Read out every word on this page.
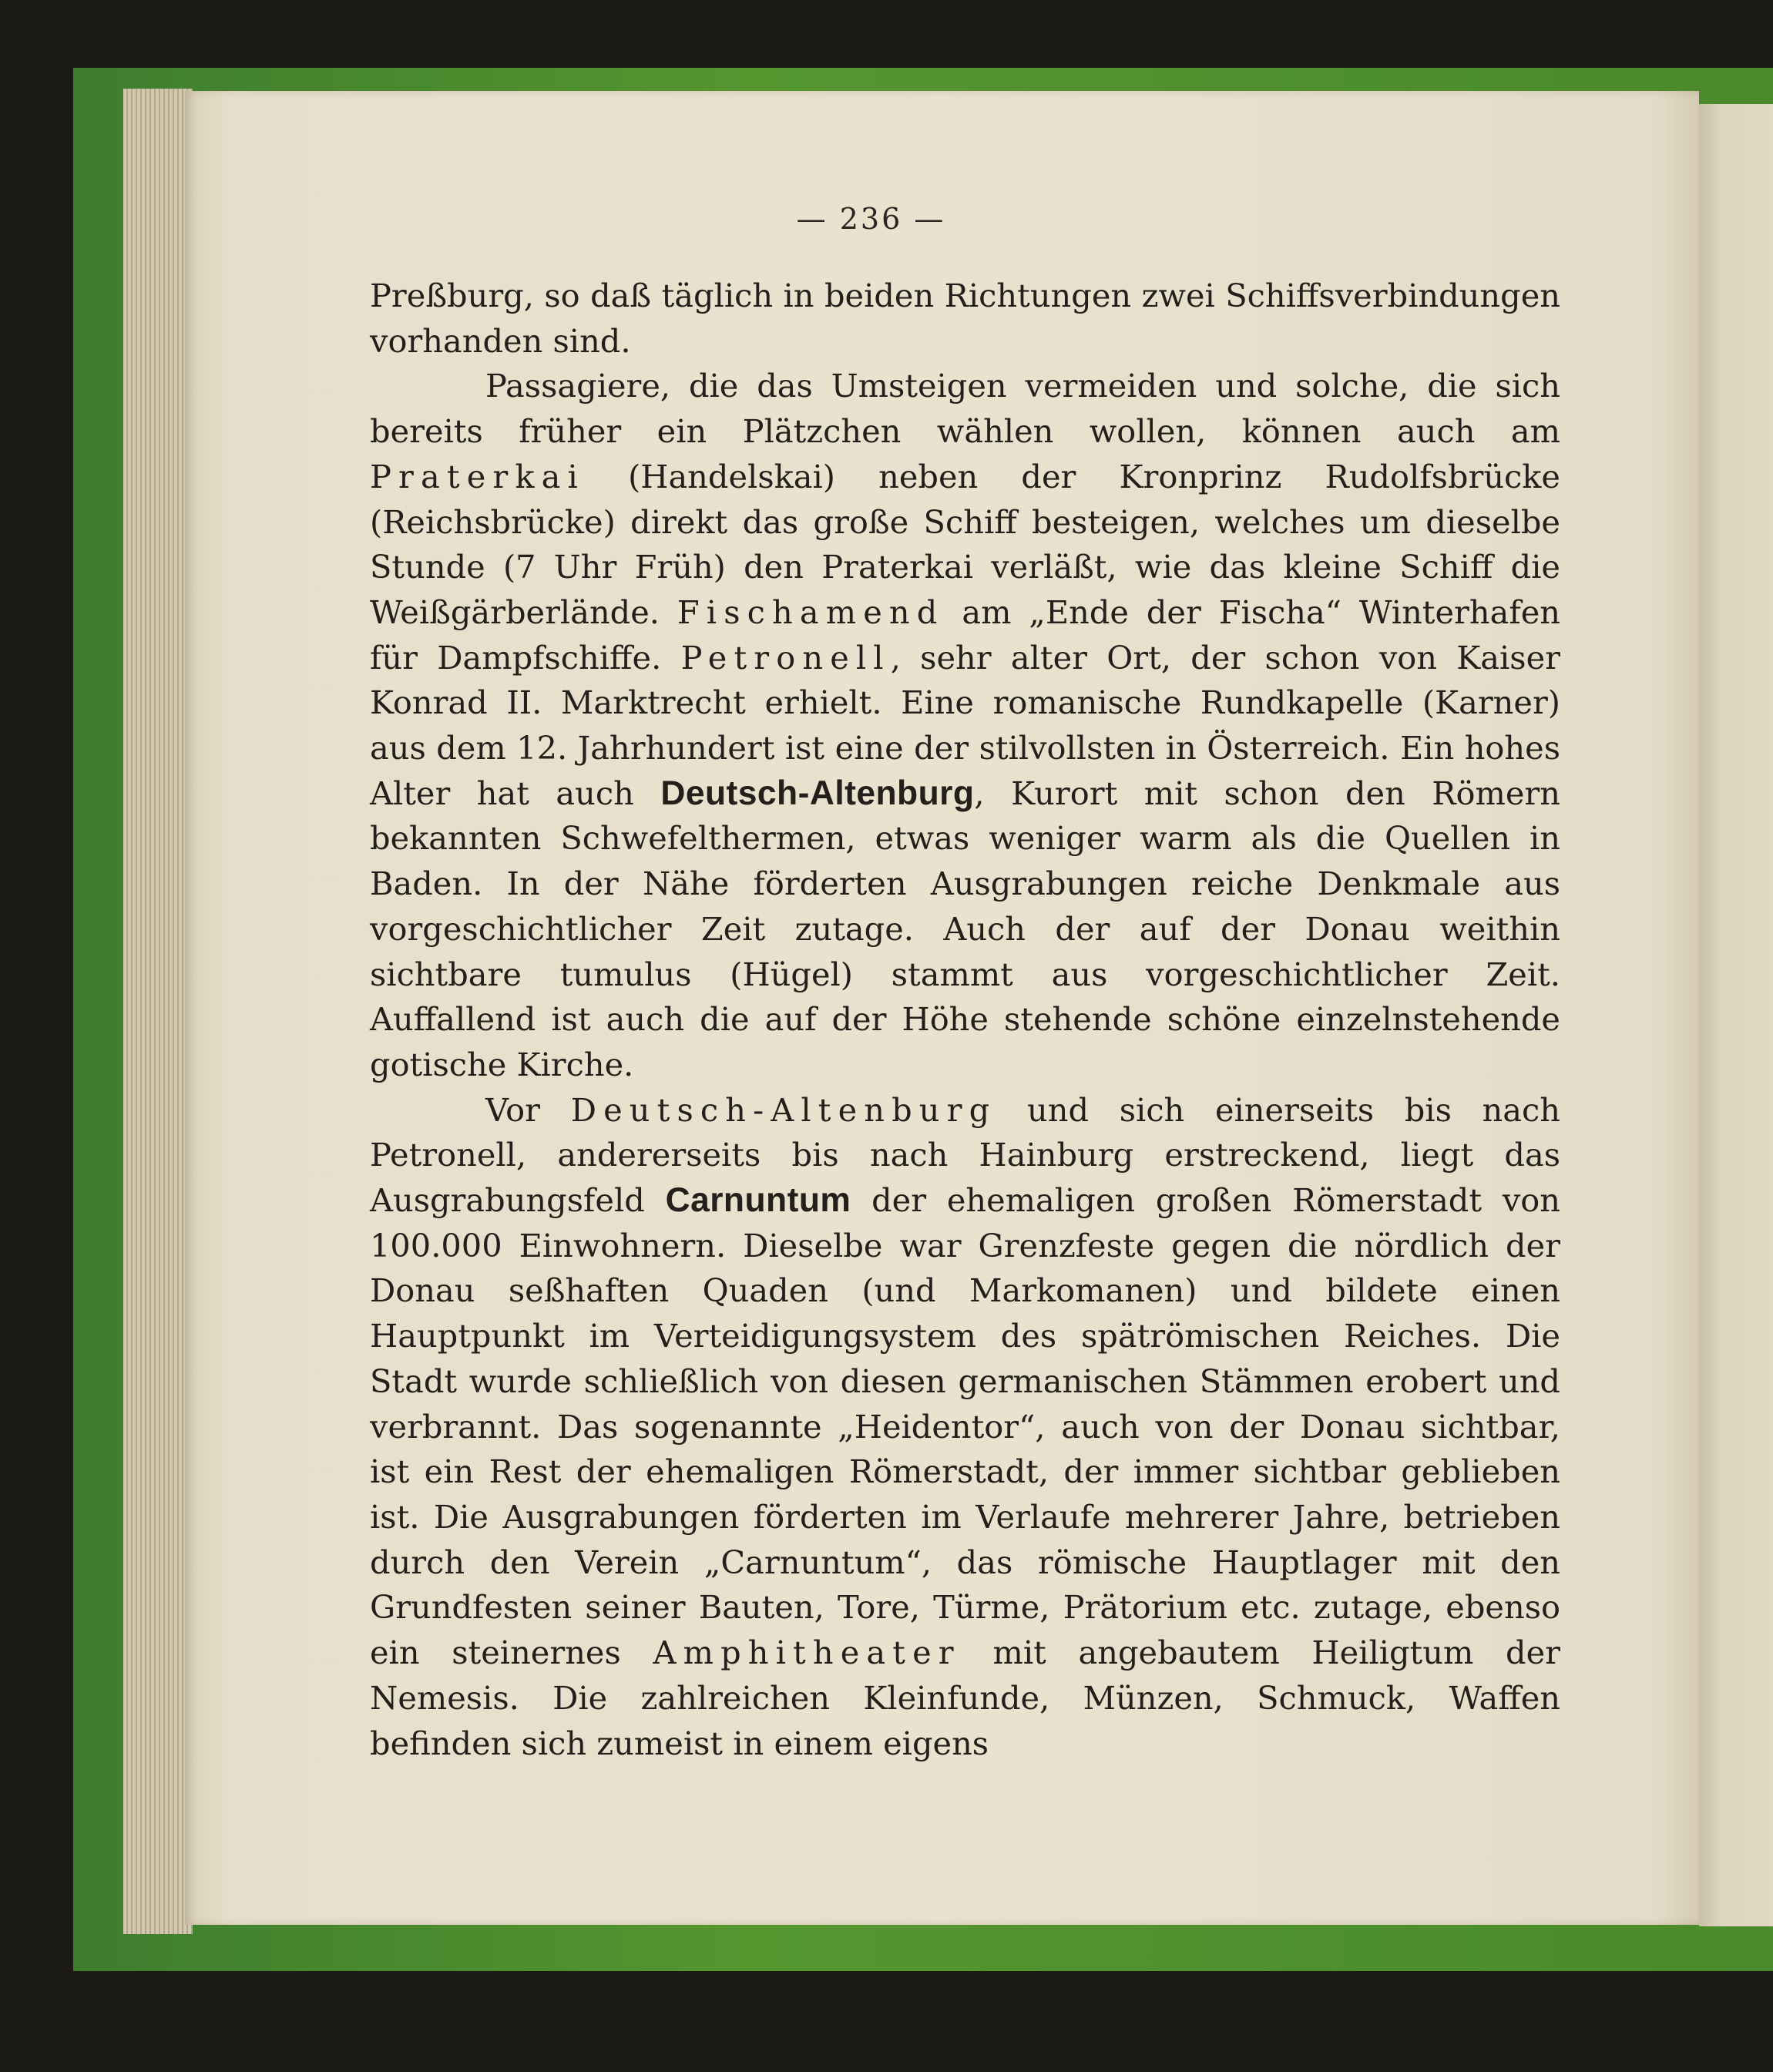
— 236 —

Preßburg, so daß täglich in beiden Richtungen zwei Schiffsverbindungen vorhanden sind.

Passagiere, die das Umsteigen vermeiden und solche, die sich bereits früher ein Plätzchen wählen wollen, können auch am Praterkai (Handelskai) neben der Kronprinz Rudolfsbrücke (Reichsbrücke) direkt das große Schiff besteigen, welches um dieselbe Stunde (7 Uhr Früh) den Praterkai verläßt, wie das kleine Schiff die Weißgärberlände. Fischamend am „Ende der Fischa“ Winterhafen für Dampfschiffe. Petronell, sehr alter Ort, der schon von Kaiser Konrad II. Marktrecht erhielt. Eine romanische Rundkapelle (Karner) aus dem 12. Jahrhundert ist eine der stilvollsten in Österreich. Ein hohes Alter hat auch Deutsch-Altenburg, Kurort mit schon den Römern bekannten Schwefelthermen, etwas weniger warm als die Quellen in Baden. In der Nähe förderten Ausgrabungen reiche Denkmale aus vorgeschichtlicher Zeit zutage. Auch der auf der Donau weithin sichtbare tumulus (Hügel) stammt aus vorgeschichtlicher Zeit. Auffallend ist auch die auf der Höhe stehende schöne einzelnstehende gotische Kirche.

Vor Deutsch-Altenburg und sich einerseits bis nach Petronell, andererseits bis nach Hainburg erstreckend, liegt das Ausgrabungsfeld Carnuntum der ehemaligen großen Römerstadt von 100.000 Einwohnern. Dieselbe war Grenzfeste gegen die nördlich der Donau seßhaften Quaden (und Markomanen) und bildete einen Hauptpunkt im Verteidigungsystem des spätrömischen Reiches. Die Stadt wurde schließlich von diesen germanischen Stämmen erobert und verbrannt. Das sogenannte „Heidentor“, auch von der Donau sichtbar, ist ein Rest der ehemaligen Römerstadt, der immer sichtbar geblieben ist. Die Ausgrabungen förderten im Verlaufe mehrerer Jahre, betrieben durch den Verein „Carnuntum“, das römische Hauptlager mit den Grundfesten seiner Bauten, Tore, Türme, Prätorium etc. zutage, ebenso ein steinernes Amphitheater mit angebautem Heiligtum der Nemesis. Die zahlreichen Kleinfunde, Münzen, Schmuck, Waffen befinden sich zumeist in einem eigens
